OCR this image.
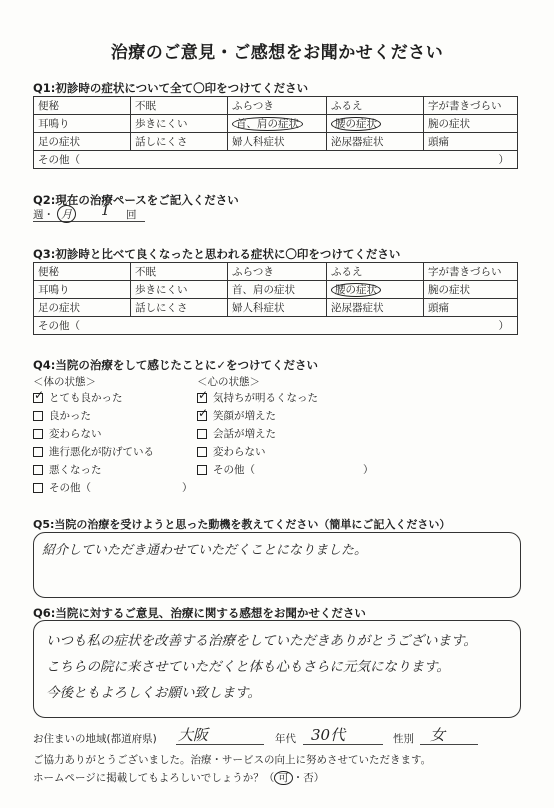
治療のご意見・ご感想をお聞かせください
Q1:初診時の症状について全て〇印をつけてください
便秘	不眠	ふらつき	ふるえ	字が書きづらい
耳鳴り	歩きにくい	首、肩の症状	腰の症状	腕の症状
足の症状	話しにくさ	婦人科症状	泌尿器症状	頭痛
その他（ ）				
Q2:現在の治療ペースをご記入ください
週・ 月 1 回
Q3:初診時と比べて良くなったと思われる症状に〇印をつけてください
便秘	不眠	ふらつき	ふるえ	字が書きづらい
耳鳴り	歩きにくい	首、肩の症状	腰の症状	腕の症状
足の症状	話しにくさ	婦人科症状	泌尿器症状	頭痛
その他（ ）				
Q4:当院の治療をして感じたことに✓をつけてください
＜体の状態＞	＜心の状態＞
✓とても良かった
良かった
変わらない
進行悪化が防げている
悪くなった
その他（	）
✓気持ちが明るくなった
✓笑顔が増えた
会話が増えた
変わらない
その他（	）
Q5:当院の治療を受けようと思った動機を教えてください（簡単にご記入ください）
紹介していただき通わせていただくことになりました。
Q6:当院に対するご意見、治療に関する感想をお聞かせください
いつも私の症状を改善する治療をしていただきありがとうございます。
こちらの院に来させていただくと体も心もさらに元気になります。
今後ともよろしくお願い致します。
お住まいの地域(都道府県) 大阪	年代 30代	性別 女
ご協力ありがとうございました。治療・サービスの向上に努めさせていただきます。
ホームページに掲載してもよろしいでしょうか？（ 可 ・否）
